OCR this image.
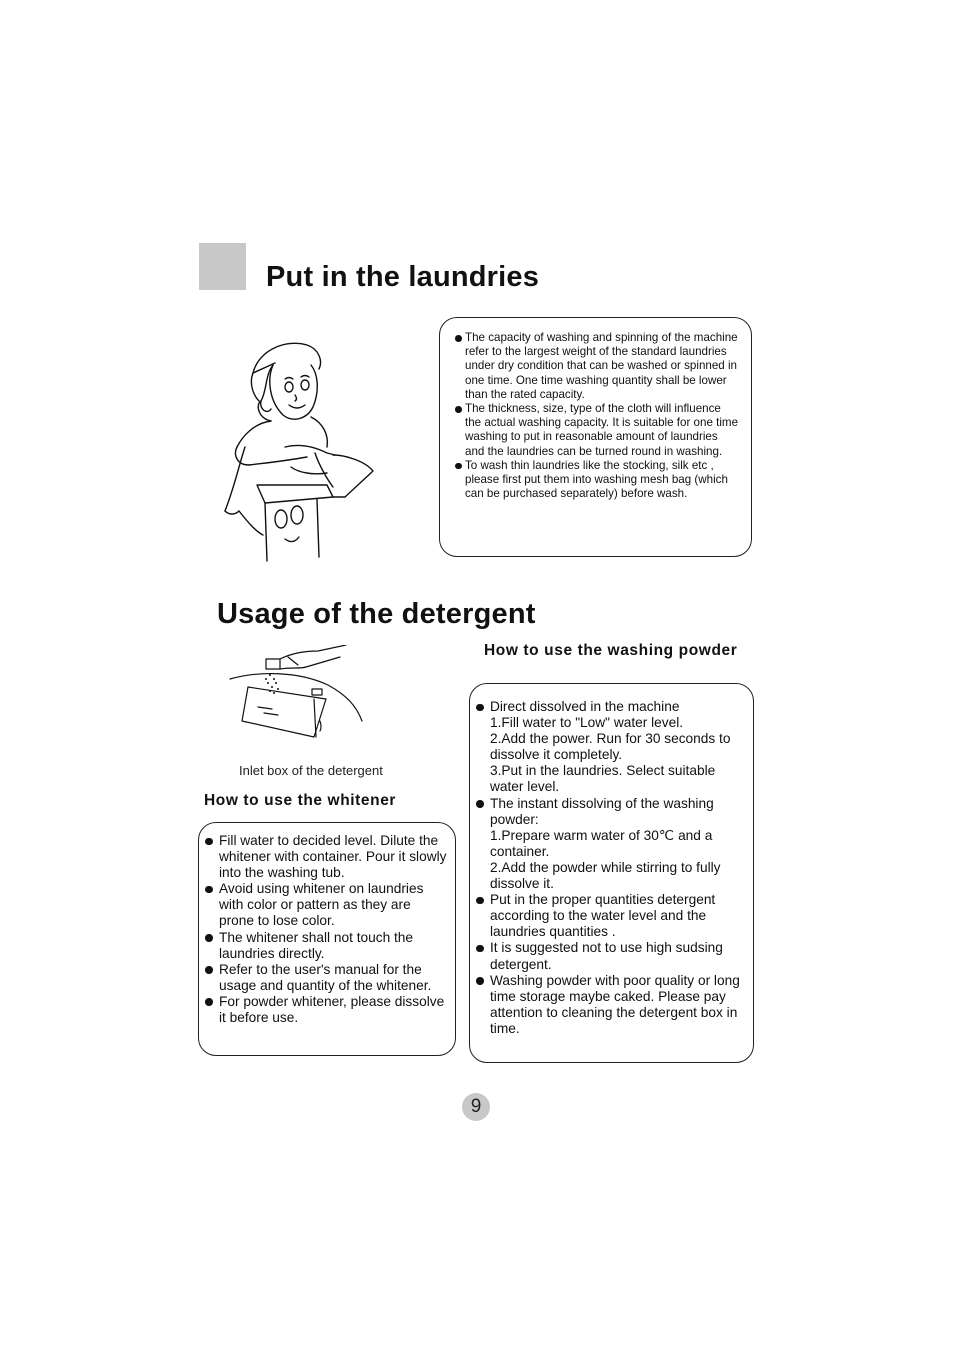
Put in the laundries
The capacity of washing and spinning of the machine refer to the largest weight of the standard laundries under dry condition that can be washed or spinned in one time. One time washing quantity shall be lower than the rated capacity.
The thickness, size, type of the cloth will influence the actual washing capacity. It is suitable for one time washing to put in reasonable amount of laundries and the laundries can be turned round in washing.
To wash thin laundries like the stocking, silk etc , please first put them into washing mesh bag (which can be purchased separately) before wash.
Usage of the detergent
Inlet box of the detergent
How to use the whitener
Fill water to decided level. Dilute the whitener with container. Pour it slowly into the washing tub.
Avoid using whitener on laundries with color or pattern as they are prone to lose color.
The whitener shall not touch the laundries directly.
Refer to the user's manual for the usage and quantity of the whitener.
For powder whitener, please dissolve it before use.
How to use the washing powder
Direct dissolved in the machine
1.Fill water to "Low" water level.
2.Add the power. Run for 30 seconds to dissolve it completely.
3.Put in the laundries. Select suitable water level.
The instant dissolving of the washing powder:
1.Prepare warm water of 30℃ and a container.
2.Add the powder while stirring to fully dissolve it.
Put in the proper quantities detergent according to the water level and the laundries quantities .
It is suggested not to use high sudsing detergent.
Washing powder with poor quality or long time storage maybe caked. Please pay attention to cleaning the detergent box in time.
9
